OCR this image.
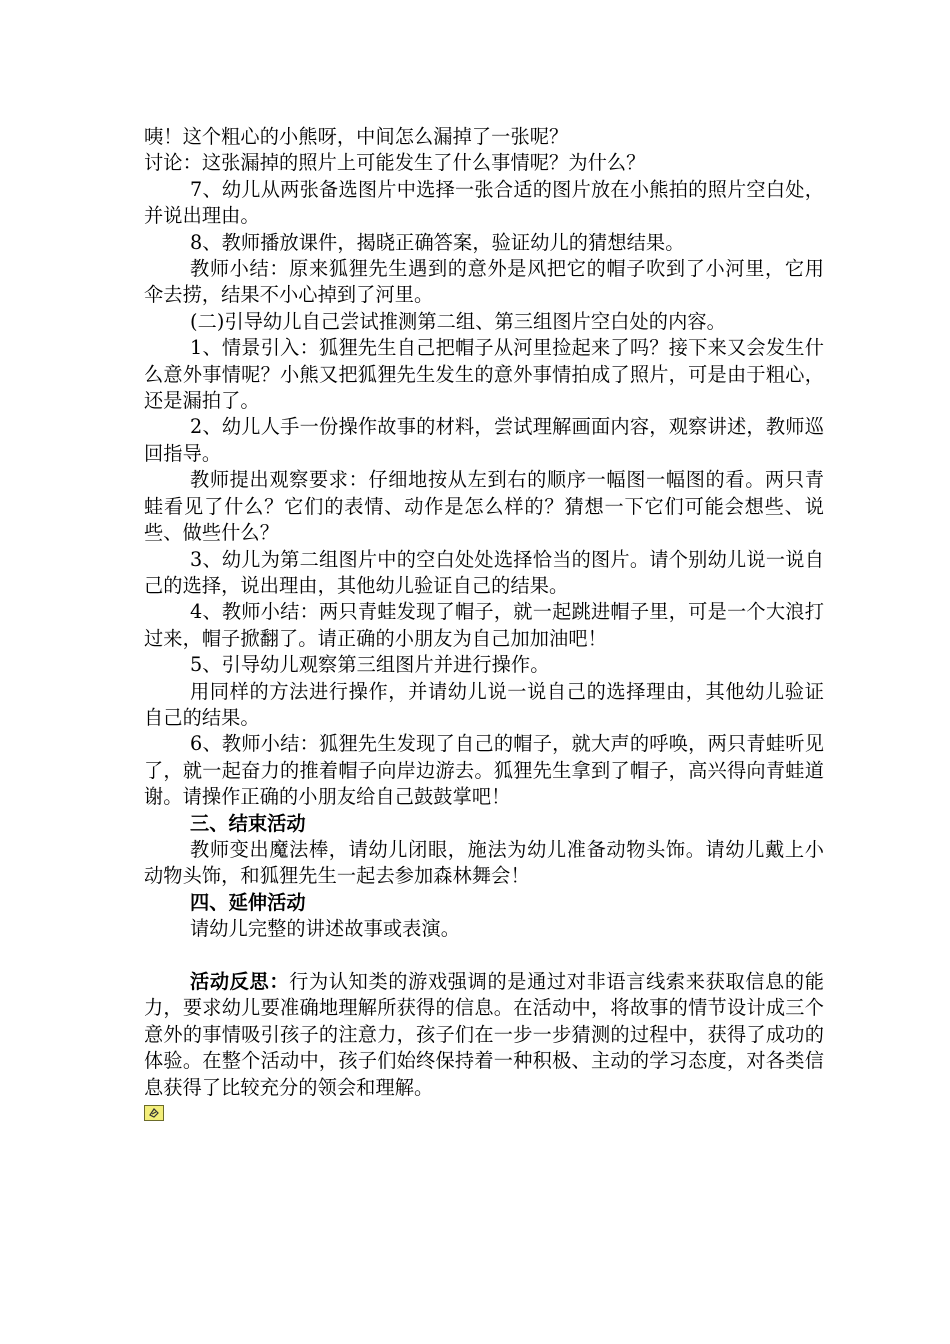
咦！这个粗心的小熊呀，中间怎么漏掉了一张呢？

讨论：这张漏掉的照片上可能发生了什么事情呢？为什么？

7、幼儿从两张备选图片中选择一张合适的图片放在小熊拍的照片空白处，并说出理由。

8、教师播放课件，揭晓正确答案，验证幼儿的猜想结果。

教师小结：原来狐狸先生遇到的意外是风把它的帽子吹到了小河里，它用伞去捞，结果不小心掉到了河里。

(二)引导幼儿自己尝试推测第二组、第三组图片空白处的内容。

1、情景引入：狐狸先生自己把帽子从河里捡起来了吗？接下来又会发生什么意外事情呢？小熊又把狐狸先生发生的意外事情拍成了照片，可是由于粗心，还是漏拍了。

2、幼儿人手一份操作故事的材料，尝试理解画面内容，观察讲述，教师巡回指导。

教师提出观察要求：仔细地按从左到右的顺序一幅图一幅图的看。两只青蛙看见了什么？它们的表情、动作是怎么样的？猜想一下它们可能会想些、说些、做些什么？

3、幼儿为第二组图片中的空白处处选择恰当的图片。请个别幼儿说一说自己的选择，说出理由，其他幼儿验证自己的结果。

4、教师小结：两只青蛙发现了帽子，就一起跳进帽子里，可是一个大浪打过来，帽子掀翻了。请正确的小朋友为自己加加油吧！

5、引导幼儿观察第三组图片并进行操作。

用同样的方法进行操作，并请幼儿说一说自己的选择理由，其他幼儿验证自己的结果。

6、教师小结：狐狸先生发现了自己的帽子，就大声的呼唤，两只青蛙听见了，就一起奋力的推着帽子向岸边游去。狐狸先生拿到了帽子，高兴得向青蛙道谢。请操作正确的小朋友给自己鼓鼓掌吧！

三、结束活动

教师变出魔法棒，请幼儿闭眼，施法为幼儿准备动物头饰。请幼儿戴上小动物头饰，和狐狸先生一起去参加森林舞会！

四、延伸活动

请幼儿完整的讲述故事或表演。

活动反思：行为认知类的游戏强调的是通过对非语言线索来获取信息的能力，要求幼儿要准确地理解所获得的信息。在活动中，将故事的情节设计成三个意外的事情吸引孩子的注意力，孩子们在一步一步猜测的过程中，获得了成功的体验。在整个活动中，孩子们始终保持着一种积极、主动的学习态度，对各类信息获得了比较充分的领会和理解。
